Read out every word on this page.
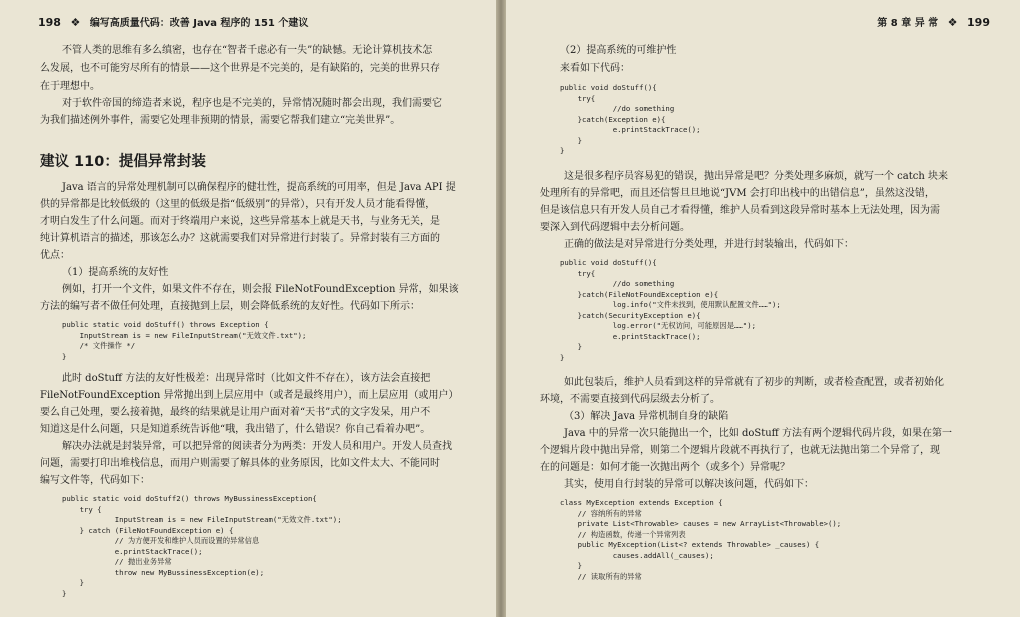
198 ❖ 编写高质量代码：改善 Java 程序的 151 个建议
不管人类的思维有多么缜密，也存在“智者千虑必有一失”的缺憾。无论计算机技术怎
么发展，也不可能穷尽所有的情景——这个世界是不完美的，是有缺陷的，完美的世界只存
在于理想中。
对于软件帝国的缔造者来说，程序也是不完美的，异常情况随时都会出现，我们需要它
为我们描述例外事件，需要它处理非预期的情景，需要它帮我们建立“完美世界”。
建议 110：提倡异常封装
Java 语言的异常处理机制可以确保程序的健壮性，提高系统的可用率，但是 Java API 提
供的异常都是比较低级的（这里的低级是指“低级别”的异常），只有开发人员才能看得懂，
才明白发生了什么问题。而对于终端用户来说，这些异常基本上就是天书，与业务无关，是
纯计算机语言的描述，那该怎么办？这就需要我们对异常进行封装了。异常封装有三方面的
优点：
（1）提高系统的友好性
例如，打开一个文件，如果文件不存在，则会报 FileNotFoundException 异常，如果该
方法的编写者不做任何处理，直接抛到上层，则会降低系统的友好性。代码如下所示：
public static void doStuff() throws Exception {
InputStream is = new FileInputStream("无效文件.txt");
/* 文件操作 */
}
此时 doStuff 方法的友好性极差：出现异常时（比如文件不存在），该方法会直接把
FileNotFoundException 异常抛出到上层应用中（或者是最终用户），而上层应用（或用户）
要么自己处理，要么接着抛，最终的结果就是让用户面对着“天书”式的文字发呆，用户不
知道这是什么问题，只是知道系统告诉他“哦，我出错了，什么错误？你自己看着办吧”。
解决办法就是封装异常，可以把异常的阅读者分为两类：开发人员和用户。开发人员查找
问题，需要打印出堆栈信息，而用户则需要了解具体的业务原因，比如文件太大、不能同时
编写文件等，代码如下：
public static void doStuff2() throws MyBussinessException{
try {
InputStream is = new FileInputStream("无效文件.txt");
} catch (FileNotFoundException e) {
// 为方便开发和维护人员而设置的异常信息
e.printStackTrace();
// 抛出业务异常
throw new MyBussinessException(e);
}
}
第 8 章 异 常 ❖ 199
（2）提高系统的可维护性
来看如下代码：
public void doStuff(){
try{
//do something
}catch(Exception e){
e.printStackTrace();
}
}
这是很多程序员容易犯的错误，抛出异常是吧？分类处理多麻烦，就写一个 catch 块来
处理所有的异常吧，而且还信誓旦旦地说“JVM 会打印出栈中的出错信息”，虽然这没错，
但是该信息只有开发人员自己才看得懂，维护人员看到这段异常时基本上无法处理，因为需
要深入到代码逻辑中去分析问题。
正确的做法是对异常进行分类处理，并进行封装输出，代码如下：
public void doStuff(){
try{
//do something
}catch(FileNotFoundException e){
log.info("文件未找到，使用默认配置文件……");
}catch(SecurityException e){
log.error("无权访问，可能原因是……");
e.printStackTrace();
}
}
如此包装后，维护人员看到这样的异常就有了初步的判断，或者检查配置，或者初始化
环境，不需要直接到代码层级去分析了。
（3）解决 Java 异常机制自身的缺陷
Java 中的异常一次只能抛出一个，比如 doStuff 方法有两个逻辑代码片段，如果在第一
个逻辑片段中抛出异常，则第二个逻辑片段就不再执行了，也就无法抛出第二个异常了，现
在的问题是：如何才能一次抛出两个（或多个）异常呢？
其实，使用自行封装的异常可以解决该问题，代码如下：
class MyException extends Exception {
// 容纳所有的异常
private List<Throwable> causes = new ArrayList<Throwable>();
// 构造函数，传递一个异常列表
public MyException(List<? extends Throwable> _causes) {
causes.addAll(_causes);
}
// 读取所有的异常
